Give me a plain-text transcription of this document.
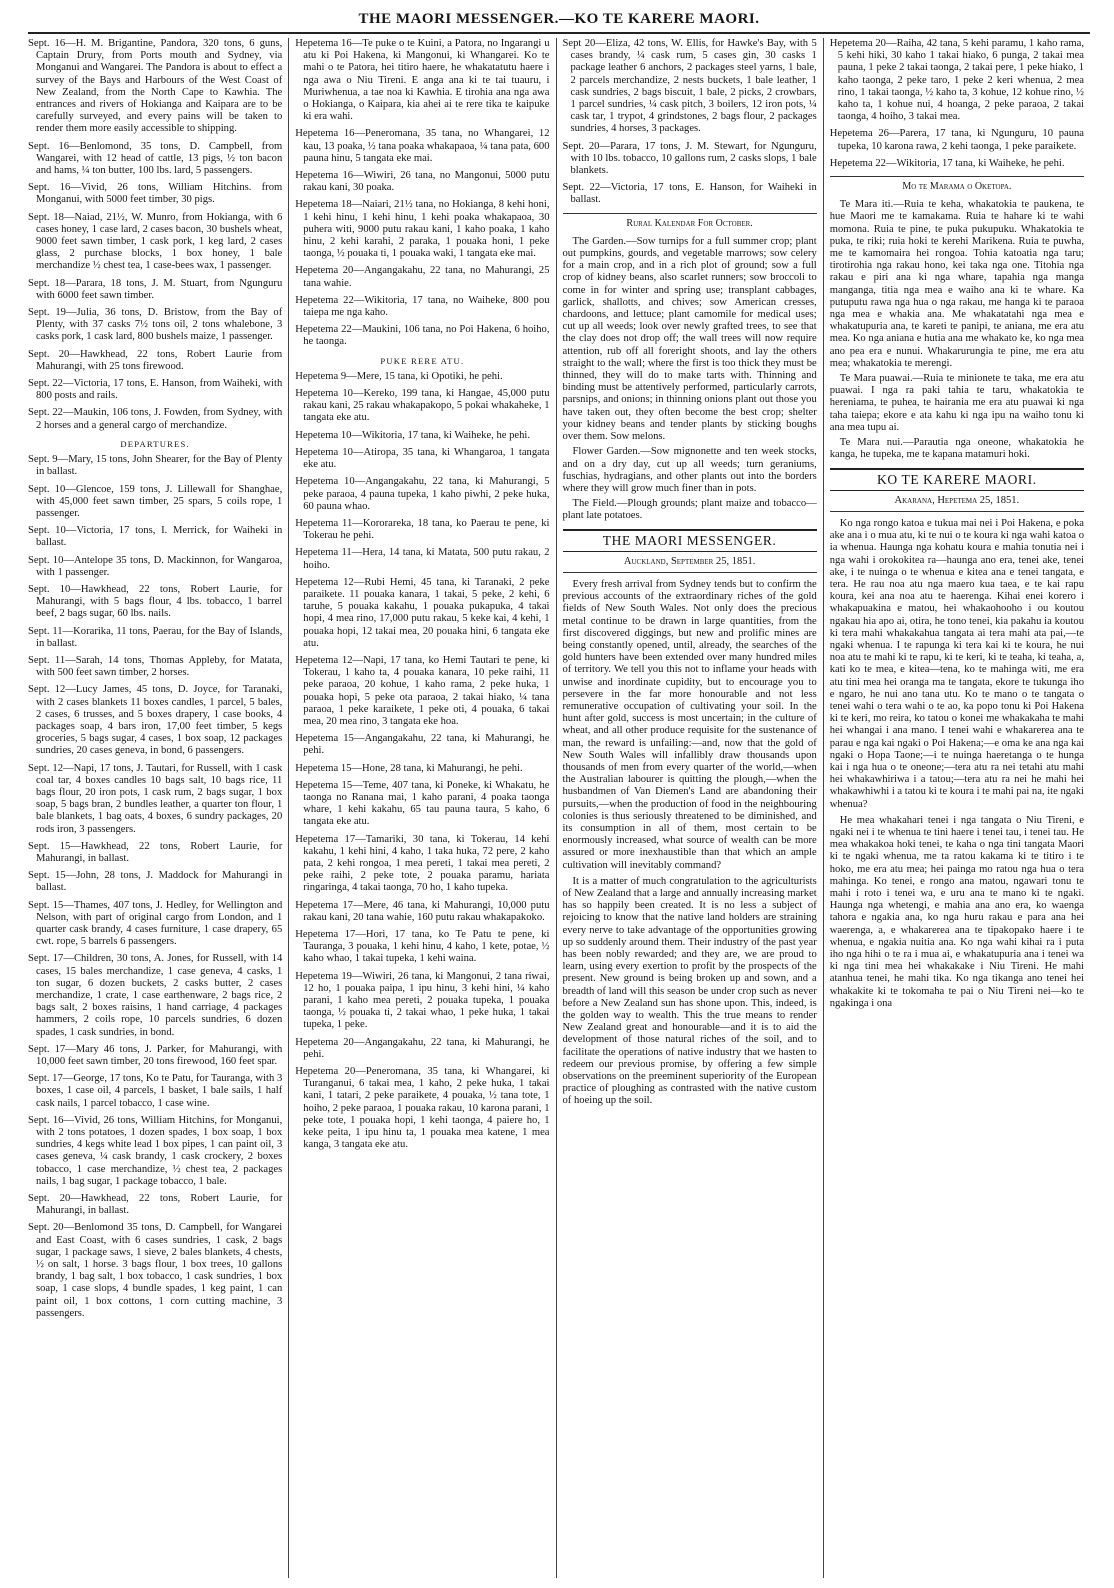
THE MAORI MESSENGER.—KO TE KARERE MAORI.

Sept. 16—H. M. Brigantine, Pandora, 320 tons, 6 guns, Captain Drury, from Ports mouth and Sydney, via Monganui and Wangarei. The Pandora is about to effect a survey of the Bays and Harbours of the West Coast of New Zealand, from the North Cape to Kawhia. The entrances and rivers of Hokianga and Kaipara are to be carefully surveyed, and every pains will be taken to render them more easily accessible to shipping.

Sept. 16—Benlomond, 35 tons, D. Campbell, from Wangarei, with 12 head of cattle, 13 pigs, ½ ton bacon and hams, ¼ ton butter, 100 lbs. lard, 5 passengers.

Sept. 16—Vivid, 26 tons, William Hitchins. from Monganui, with 5000 feet timber, 30 pigs.

Sept. 18—Naiad, 21½, W. Munro, from Hokianga, with 6 cases honey, 1 case lard, 2 cases bacon, 30 bushels wheat, 9000 feet sawn timber, 1 cask pork, 1 keg lard, 2 cases glass, 2 purchase blocks, 1 box honey, 1 bale merchandize ½ chest tea, 1 case-bees wax, 1 passenger.

Sept. 18—Parara, 18 tons, J. M. Stuart, from Ngunguru with 6000 feet sawn timber.

Sept. 19—Julia, 36 tons, D. Bristow, from the Bay of Plenty, with 37 casks 7½ tons oil, 2 tons whalebone, 3 casks pork, 1 cask lard, 800 bushels maize, 1 passenger.

Sept. 20—Hawkhead, 22 tons, Robert Laurie from Mahurangi, with 25 tons firewood.

Sept. 22—Victoria, 17 tons, E. Hanson, from Waiheki, with 800 posts and rails.

Sept. 22—Maukin, 106 tons, J. Fowden, from Sydney, with 2 horses and a general cargo of merchandize.

DEPARTURES.

Sept. 9—Mary, 15 tons, John Shearer, for the Bay of Plenty in ballast.

Sept. 10—Glencoe, 159 tons, J. Lillewall for Shanghae, with 45,000 feet sawn timber, 25 spars, 5 coils rope, 1 passenger.

Sept. 10—Victoria, 17 tons, I. Merrick, for Waiheki in ballast.

Sept. 10—Antelope 35 tons, D. Mackinnon, for Wangaroa, with 1 passenger.

Sept. 10—Hawkhead, 22 tons, Robert Laurie, for Mahurangi, with 5 bags flour, 4 lbs. tobacco, 1 barrel beef, 2 bags sugar, 60 lbs. nails.

Sept. 11—Korarika, 11 tons, Paerau, for the Bay of Islands, in ballast.

Sept. 11—Sarah, 14 tons, Thomas Appleby, for Matata, with 500 feet sawn timber, 2 horses.

Sept. 12—Lucy James, 45 tons, D. Joyce, for Taranaki, with 2 cases blankets 11 boxes candles, 1 parcel, 5 bales, 2 cases, 6 trusses, and 5 boxes drapery, 1 case books, 4 packages soap, 4 bars iron, 17,00 feet timber, 5 kegs groceries, 5 bags sugar, 4 cases, 1 box soap, 12 packages sundries, 20 cases geneva, in bond, 6 passengers.

Sept. 12—Napi, 17 tons, J. Tautari, for Russell, with 1 cask coal tar, 4 boxes candles 10 bags salt, 10 bags rice, 11 bags flour, 20 iron pots, 1 cask rum, 2 bags sugar, 1 box soap, 5 bags bran, 2 bundles leather, a quarter ton flour, 1 bale blankets, 1 bag oats, 4 boxes, 6 sundry packages, 20 rods iron, 3 passengers.

Sept. 15—Hawkhead, 22 tons, Robert Laurie, for Mahurangi, in ballast.

Sept. 15—John, 28 tons, J. Maddock for Mahurangi in ballast.

Sept. 15—Thames, 407 tons, J. Hedley, for Wellington and Nelson, with part of original cargo from London, and 1 quarter cask brandy, 4 cases furniture, 1 case drapery, 65 cwt. rope, 5 barrels 6 passengers.

Sept. 17—Children, 30 tons, A. Jones, for Russell, with 14 cases, 15 bales merchandize, 1 case geneva, 4 casks, 1 ton sugar, 6 dozen buckets, 2 casks butter, 2 cases merchandize, 1 crate, 1 case earthenware, 2 bags rice, 2 bags salt, 2 boxes raisins, 1 hand carriage, 4 packages hammers, 2 coils rope, 10 parcels sundries, 6 dozen spades, 1 cask sundries, in bond.

Sept. 17—Mary 46 tons, J. Parker, for Mahurangi, with 10,000 feet sawn timber, 20 tons firewood, 160 feet spar.

Sept. 17—George, 17 tons, Ko te Patu, for Tauranga, with 3 boxes, 1 case oil, 4 parcels, 1 basket, 1 bale sails, 1 half cask nails, 1 parcel tobacco, 1 case wine.

Sept. 16—Vivid, 26 tons, William Hitchins, for Monganui, with 2 tons potatoes, 1 dozen spades, 1 box soap, 1 box sundries, 4 kegs white lead 1 box pipes, 1 can paint oil, 3 cases geneva, ¼ cask brandy, 1 cask crockery, 2 boxes tobacco, 1 case merchandize, ½ chest tea, 2 packages nails, 1 bag sugar, 1 package tobacco, 1 bale.

Sept. 20—Hawkhead, 22 tons, Robert Laurie, for Mahurangi, in ballast.

Sept. 20—Benlomond 35 tons, D. Campbell, for Wangarei and East Coast, with 6 cases sundries, 1 cask, 2 bags sugar, 1 package saws, 1 sieve, 2 bales blankets, 4 chests, ½ on salt, 1 horse. 3 bags flour, 1 box trees, 10 gallons brandy, 1 bag salt, 1 box tobacco, 1 cask sundries, 1 box soap, 1 case slops, 4 bundle spades, 1 keg paint, 1 can paint oil, 1 box cottons, 1 corn cutting machine, 3 passengers.

Hepetema 16—Te puke o te Kuini, a Patora, no Ingarangi u atu ki Poi Hakena, ki Mangonui, ki Whangarei. Ko te mahi o te Patora, hei titiro haere, he whakatatutu haere i nga awa o Niu Tireni. E anga ana ki te tai tuauru, i Muriwhenua, a tae noa ki Kawhia. E tirohia ana nga awa o Hokianga, o Kaipara, kia ahei ai te rere tika te kaipuke ki era wahi.

Hepetema 16—Peneromana, 35 tana, no Whangarei, 12 kau, 13 poaka, ½ tana poaka whakapaoa, ¼ tana pata, 600 pauna hinu, 5 tangata eke mai.

Hepetema 16—Wiwiri, 26 tana, no Mangonui, 5000 putu rakau kani, 30 poaka.

Hepetema 18—Naiari, 21½ tana, no Hokianga, 8 kehi honi, 1 kehi hinu, 1 kehi hinu, 1 kehi poaka whakapaoa, 30 puhera witi, 9000 putu rakau kani, 1 kaho poaka, 1 kaho hinu, 2 kehi karahi, 2 paraka, 1 pouaka honi, 1 peke taonga, ½ pouaka ti, 1 pouaka waki, 1 tangata eke mai.

Hepetema 20—Angangakahu, 22 tana, no Mahurangi, 25 tana wahie.

Hepetema 22—Wikitoria, 17 tana, no Waiheke, 800 pou taiepa me nga kaho.

Hepetema 22—Maukini, 106 tana, no Poi Hakena, 6 hoiho, he taonga.

PUKE RERE ATU.

Hepetema 9—Mere, 15 tana, ki Opotiki, he pehi.

Hepetema 10—Kereko, 199 tana, ki Hangae, 45,000 putu rakau kani, 25 rakau whakapakopo, 5 pokai whakaheke, 1 tangata eke atu.

Hepetema 10—Wikitoria, 17 tana, ki Waiheke, he pehi.

Hepetema 10—Atiropa, 35 tana, ki Whangaroa, 1 tangata eke atu.

Hepetema 10—Angangakahu, 22 tana, ki Mahurangi, 5 peke paraoa, 4 pauna tupeka, 1 kaho piwhi, 2 peke huka, 60 pauna whao.

Hepetema 11—Kororareka, 18 tana, ko Paerau te pene, ki Tokerau he pehi.

Hepetema 11—Hera, 14 tana, ki Matata, 500 putu rakau, 2 hoiho.

Hepetema 12—Rubi Hemi, 45 tana, ki Taranaki, 2 peke paraikete. 11 pouaka kanara, 1 takai, 5 peke, 2 kehi, 6 taruhe, 5 pouaka kakahu, 1 pouaka pukapuka, 4 takai hopi, 4 mea rino, 17,000 putu rakau, 5 keke kai, 4 kehi, 1 pouaka hopi, 12 takai mea, 20 pouaka hini, 6 tangata eke atu.

Hepetema 12—Napi, 17 tana, ko Hemi Tautari te pene, ki Tokerau, 1 kaho ta, 4 pouaka kanara, 10 peke raihi, 11 peke paraoa, 20 kohue, 1 kaho rama, 2 peke huka, 1 pouaka hopi, 5 peke ota paraoa, 2 takai hiako, ¼ tana paraoa, 1 peke karaikete, 1 peke oti, 4 pouaka, 6 takai mea, 20 mea rino, 3 tangata eke hoa.

Hepetema 15—Angangakahu, 22 tana, ki Mahurangi, he pehi.

Hepetema 15—Hone, 28 tana, ki Mahurangi, he pehi.

Hepetema 15—Teme, 407 tana, ki Poneke, ki Whakatu, he taonga no Ranana mai, 1 kaho parani, 4 poaka taonga whare, 1 kehi kakahu, 65 tau pauna taura, 5 kaho, 6 tangata eke atu.

Hepetema 17—Tamariki, 30 tana, ki Tokerau, 14 kehi kakahu, 1 kehi hini, 4 kaho, 1 taka huka, 72 pere, 2 kaho pata, 2 kehi rongoa, 1 mea pereti, 1 takai mea pereti, 2 peke raihi, 2 peke tote, 2 pouaka paramu, hariata ringaringa, 4 takai taonga, 70 ho, 1 kaho tupeka.

Hepetema 17—Mere, 46 tana, ki Mahurangi, 10,000 putu rakau kani, 20 tana wahie, 160 putu rakau whakapakoko.

Hepetema 17—Hori, 17 tana, ko Te Patu te pene, ki Tauranga, 3 pouaka, 1 kehi hinu, 4 kaho, 1 kete, potae, ½ kaho whao, 1 takai tupeka, 1 kehi waina.

Hepetema 19—Wiwiri, 26 tana, ki Mangonui, 2 tana riwai, 12 ho, 1 pouaka paipa, 1 ipu hinu, 3 kehi hini, ¼ kaho parani, 1 kaho mea pereti, 2 pouaka tupeka, 1 pouaka taonga, ½ pouaka ti, 2 takai whao, 1 peke huka, 1 takai tupeka, 1 peke.

Hepetema 20—Angangakahu, 22 tana, ki Mahurangi, he pehi.

Hepetema 20—Peneromana, 35 tana, ki Whangarei, ki Turanganui, 6 takai mea, 1 kaho, 2 peke huka, 1 takai kani, 1 tatari, 2 peke paraikete, 4 pouaka, ½ tana tote, 1 hoiho, 2 peke paraoa, 1 pouaka rakau, 10 karona parani, 1 peke tote, 1 pouaka hopi, 1 kehi taonga, 4 paiere ho, 1 keke peita, 1 ipu hinu ta, 1 pouaka mea katene, 1 mea kanga, 3 tangata eke atu.

Sept 20—Eliza, 42 tons, W. Ellis, for Hawke's Bay, with 5 cases brandy, ¼ cask rum, 5 cases gin, 30 casks 1 package leather 6 anchors, 2 packages steel yarns, 1 bale, 2 parcels merchandize, 2 nests buckets, 1 bale leather, 1 cask sundries, 2 bags biscuit, 1 bale, 2 picks, 2 crowbars, 1 parcel sundries, ¼ cask pitch, 3 boilers, 12 iron pots, ¼ cask tar, 1 trypot, 4 grindstones, 2 bags flour, 2 packages sundries, 4 horses, 3 packages.

Sept. 20—Parara, 17 tons, J. M. Stewart, for Ngunguru, with 10 lbs. tobacco, 10 gallons rum, 2 casks slops, 1 bale blankets.

Sept. 22—Victoria, 17 tons, E. Hanson, for Waiheki in ballast.

Rural Kalendar For October.

The Garden.—Sow turnips for a full summer crop; plant out pumpkins, gourds, and vegetable marrows; sow celery for a main crop, and in a rich plot of ground; sow a full crop of kidney beans, also scarlet runners; sow broccoli to come in for winter and spring use; transplant cabbages, garlick, shallotts, and chives; sow American cresses, chardoons, and lettuce; plant camomile for medical uses; cut up all weeds; look over newly grafted trees, to see that the clay does not drop off; the wall trees will now require attention, rub off all foreright shoots, and lay the others straight to the wall; where the first is too thick they must be thinned, they will do to make tarts with. Thinning and binding must be attentively performed, particularly carrots, parsnips, and onions; in thinning onions plant out those you have taken out, they often become the best crop; shelter your kidney beans and tender plants by sticking boughs over them. Sow melons.

Flower Garden.—Sow mignonette and ten week stocks, and on a dry day, cut up all weeds; turn geraniums, fuschias, hydragians, and other plants out into the borders where they will grow much finer than in pots.

The Field.—Plough grounds; plant maize and tobacco—plant late potatoes.

THE MAORI MESSENGER.
Auckland, September 25, 1851.

Every fresh arrival from Sydney tends but to confirm the previous accounts of the extraordinary riches of the gold fields of New South Wales. Not only does the precious metal continue to be drawn in large quantities, from the first discovered diggings, but new and prolific mines are being constantly opened, until, already, the searches of the gold hunters have been extended over many hundred miles of territory. We tell you this not to inflame your heads with unwise and inordinate cupidity, but to encourage you to persevere in the far more honourable and not less remunerative occupation of cultivating your soil. In the hunt after gold, success is most uncertain; in the culture of wheat, and all other produce requisite for the sustenance of man, the reward is unfailing:—and, now that the gold of New South Wales will infallibly draw thousands upon thousands of men from every quarter of the world,—when the Australian labourer is quitting the plough,—when the husbandmen of Van Diemen's Land are abandoning their pursuits,—when the production of food in the neighbouring colonies is thus seriously threatened to be diminished, and its consumption in all of them, most certain to be enormously increased, what source of wealth can be more assured or more inexhaustible than that which an ample cultivation will inevitably command?

It is a matter of much congratulation to the agriculturists of New Zealand that a large and annually increasing market has so happily been created. It is no less a subject of rejoicing to know that the native land holders are straining every nerve to take advantage of the opportunities growing up so suddenly around them. Their industry of the past year has been nobly rewarded; and they are, we are proud to learn, using every exertion to profit by the prospects of the present. New ground is being broken up and sown, and a breadth of land will this season be under crop such as never before a New Zealand sun has shone upon. This, indeed, is the golden way to wealth. This the true means to render New Zealand great and honourable—and it is to aid the development of those natural riches of the soil, and to facilitate the operations of native industry that we hasten to redeem our previous promise, by offering a few simple observations on the preeminent superiority of the European practice of ploughing as contrasted with the native custom of hoeing up the soil.

Hepetema 20—Raiha, 42 tana, 5 kehi paramu, 1 kaho rama, 5 kehi hiki, 30 kaho 1 takai hiako, 6 punga, 2 takai mea pauna, 1 peke 2 takai taonga, 2 takai pere, 1 peke hiako, 1 kaho taonga, 2 peke taro, 1 peke 2 keri whenua, 2 mea rino, 1 takai taonga, ½ kaho ta, 3 kohue, 12 kohue rino, ½ kaho ta, 1 kohue nui, 4 hoanga, 2 peke paraoa, 2 takai taonga, 4 hoiho, 3 takai mea.

Hepetema 26—Parera, 17 tana, ki Ngunguru, 10 pauna tupeka, 10 karona rawa, 2 kehi taonga, 1 peke paraikete.

Hepetema 22—Wikitoria, 17 tana, ki Waiheke, he pehi.

Mo te Marama o Oketopa.

Te Mara iti.—Ruia te keha, whakatokia te paukena, te hue Maori me te kamakama. Ruia te hahare ki te wahi momona. Ruia te pine, te puka pukupuku. Whakatokia te puka, te riki; ruia hoki te kerehi Marikena. Ruia te puwha, me te kamomaira hei rongoa. Tohia katoatia nga taru; tirotirohia nga rakau hono, kei taka nga one. Titohia nga rakau e piri ana ki nga whare, tapahia nga manga manganga, titia nga mea e waiho ana ki te whare. Ka putuputu rawa nga hua o nga rakau, me hanga ki te paraoa nga mea e whakia ana. Me whakatatahi nga mea e whakatupuria ana, te kareti te panipi, te aniana, me era atu mea. Ko nga aniana e hutia ana me whakato ke, ko nga mea ano pea era e nunui. Whakarurungia te pine, me era atu mea; whakatokia te merengi.

Te Mara puawai.—Ruia te minionete te taka, me era atu puawai. I nga ra paki tahia te taru, whakatokia te hereniama, te puhea, te hairania me era atu puawai ki nga taha taiepa; ekore e ata kahu ki nga ipu na waiho tonu ki ana mea tupu ai.

Te Mara nui.—Parautia nga oneone, whakatokia he kanga, he tupeka, me te kapana matamuri hoki.

KO TE KARERE MAORI.
Akarana, Hepetema 25, 1851.

Ko nga rongo katoa e tukua mai nei i Poi Hakena, e poka ake ana i o mua atu, ki te nui o te koura ki nga wahi katoa o ia whenua. Haunga nga kohatu koura e mahia tonutia nei i nga wahi i orokokitea ra—haunga ano era, tenei ake, tenei ake, i te nuinga o te whenua e kitea ana e tenei tangata, e tera. He rau noa atu nga maero kua taea, e te kai rapu koura, kei ana noa atu te haerenga. Kihai enei korero i whakapuakina e matou, hei whakaohooho i ou koutou ngakau hia apo ai, otira, he tono tenei, kia pakahu ia koutou ki tera mahi whakakahua tangata ai tera mahi ata pai,—te ngaki whenua. I te rapunga ki tera kai ki te koura, he nui noa atu te mahi ki te rapu, ki te keri, ki te teaha, ki teaha, a, kati ko te mea, e kitea—tena, ko te mahinga witi, me era atu tini mea hei oranga ma te tangata, ekore te tukunga iho e ngaro, he nui ano tana utu. Ko te mano o te tangata o tenei wahi o tera wahi o te ao, ka popo tonu ki Poi Hakena ki te keri, mo reira, ko tatou o konei me whakakaha te mahi hei whangai i ana mano. I tenei wahi e whakarerea ana te parau e nga kai ngaki o Poi Hakena;—e oma ke ana nga kai ngaki o Hopa Taone;—i te nuinga haeretanga o te hunga kai i nga hua o te oneone;—tera atu ra nei tetahi atu mahi hei whakawhiriwa i a tatou;—tera atu ra nei he mahi hei whakawhiwhi i a tatou ki te koura i te mahi pai na, ite ngaki whenua?

He mea whakahari tenei i nga tangata o Niu Tireni, e ngaki nei i te whenua te tini haere i tenei tau, i tenei tau. He mea whakakoa hoki tenei, te kaha o nga tini tangata Maori ki te ngaki whenua, me ta ratou kakama ki te titiro i te hoko, me era atu mea; hei painga mo ratou nga hua o tera mahinga. Ko tenei, e rongo ana matou, ngawari tonu te mahi i roto i tenei wa, e uru ana te mano ki te ngaki. Haunga nga whetengi, e mahia ana ano era, ko waenga tahora e ngakia ana, ko nga huru rakau e para ana hei waerenga, a, e whakarerea ana te tipakopako haere i te whenua, e ngakia nuitia ana. Ko nga wahi kihai ra i puta iho nga hihi o te ra i mua ai, e whakatupuria ana i tenei wa ki nga tini mea hei whakakake i Niu Tireni. He mahi atanhua tenei, he mahi tika. Ko nga tikanga ano tenei hei whakakite ki te tokomaha te pai o Niu Tireni nei—ko te ngakinga i ona
